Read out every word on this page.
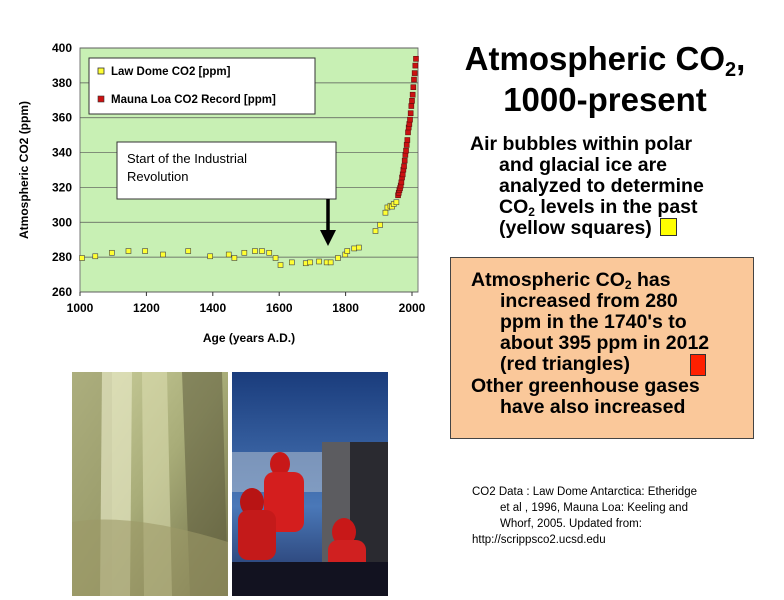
260
280
300
320
340
360
380
400
1000	1200	1400	1600	1800	2000
Age (years A.D.)
Atmospheric CO2 (ppm)
Law Dome CO2 [ppm]
Mauna Loa CO2 Record [ppm]
Start of the Industrial
Revolution
Atmospheric $CO_2$,
1000-present
Air bubbles within polar
and glacial ice are
analyzed to determine
$CO_2$ levels in the past
(yellow squares)
Atmospheric $CO_2$ has
increased from 280
ppm in the 1740's to
about 395 ppm in 2012
(red triangles)
Other greenhouse gases
have also increased
CO2 Data : Law Dome Antarctica: Etheridge
et al , 1996, Mauna Loa: Keeling and
Whorf, 2005. Updated from:
http://scrippsco2.ucsd.edu
